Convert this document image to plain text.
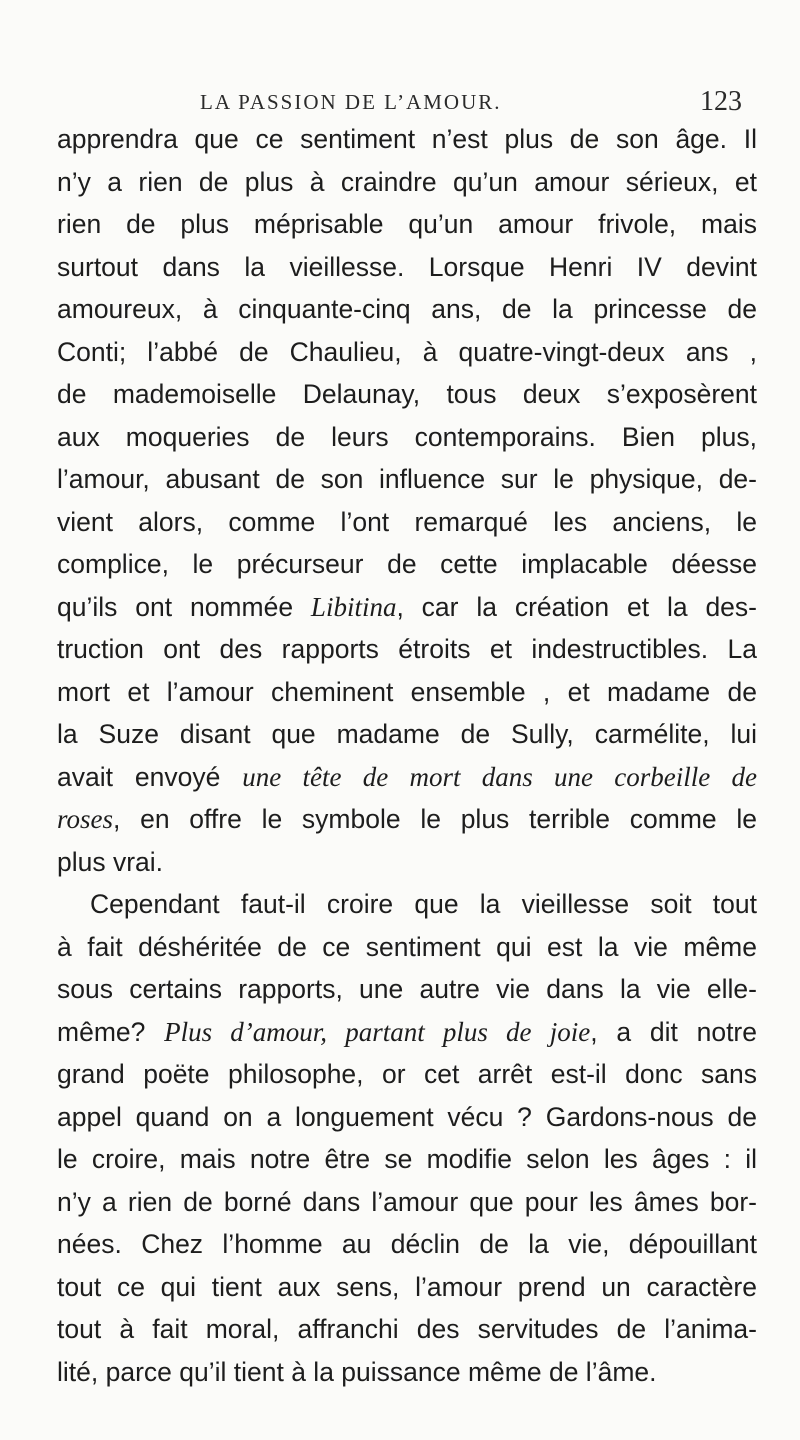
LA PASSION DE L’AMOUR.	123
apprendra que ce sentiment n’est plus de son âge. Il
n’y a rien de plus à craindre qu’un amour sérieux, et
rien de plus méprisable qu’un amour frivole, mais
surtout dans la vieillesse. Lorsque Henri IV devint
amoureux, à cinquante-cinq ans, de la princesse de
Conti; l’abbé de Chaulieu, à quatre-vingt-deux ans ,
de mademoiselle Delaunay, tous deux s’exposèrent
aux moqueries de leurs contemporains. Bien plus,
l’amour, abusant de son influence sur le physique, de-
vient alors, comme l’ont remarqué les anciens, le
complice, le précurseur de cette implacable déesse
qu’ils ont nommée Libitina, car la création et la des-
truction ont des rapports étroits et indestructibles. La
mort et l’amour cheminent ensemble , et madame de
la Suze disant que madame de Sully, carmélite, lui
avait envoyé une tête de mort dans une corbeille de
roses, en offre le symbole le plus terrible comme le
plus vrai.
Cependant faut-il croire que la vieillesse soit tout
à fait déshéritée de ce sentiment qui est la vie même
sous certains rapports, une autre vie dans la vie elle-
même? Plus d’amour, partant plus de joie, a dit notre
grand poëte philosophe, or cet arrêt est-il donc sans
appel quand on a longuement vécu ? Gardons-nous de
le croire, mais notre être se modifie selon les âges : il
n’y a rien de borné dans l’amour que pour les âmes bor-
nées. Chez l’homme au déclin de la vie, dépouillant
tout ce qui tient aux sens, l’amour prend un caractère
tout à fait moral, affranchi des servitudes de l’anima-
lité, parce qu’il tient à la puissance même de l’âme.
